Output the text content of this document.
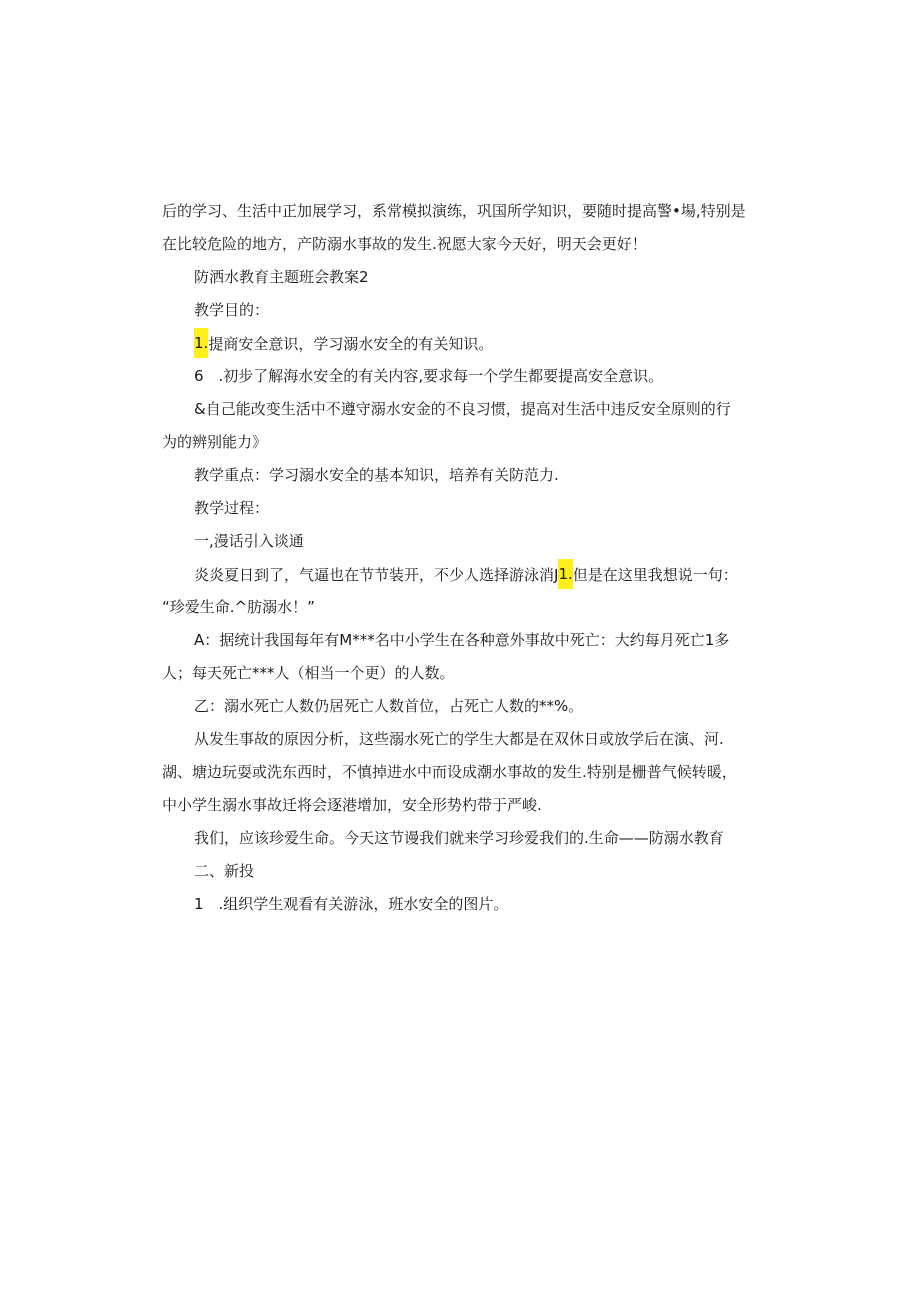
后的学习、生活中正加展学习，系常模拟演练，巩国所学知识，要随时提高警•場,特别是
在比较危险的地方，产防溺水事故的发生.祝愿大家今天好，明天会更好！
防洒水教育主题班会教案2
教学目的：
1.提商安全意识，学习溺水安全的有关知识。
6　.初步了解海水安全的有关内容,要求每一个学生都要提高安全意识。
&自己能改变生活中不遵守溺水安金的不良习惯，提高对生活中违反安全原则的行
为的辨别能力》
教学重点：学习溺水安全的基本知识，培养有关防范力.
教学过程：
一,漫话引入谈通
炎炎夏日到了，气逼也在节节装开，不少人选择游泳消J1.但是在这里我想说一句：
“珍爱生命.^肪溺水！”
A：据统计我国每年有M***名中小学生在各种意外事故中死亡：大约每月死亡1多
人；每天死亡***人（相当一个更）的人数。
乙：溺水死亡人数仍居死亡人数首位，占死亡人数的**%。
从发生事故的原因分析，这些溺水死亡的学生大都是在双休日或放学后在演、河.
湖、塘边玩耍或洗东西时，不慎掉进水中而设成潮水事故的发生.特别是栅普气候转暖，
中小学生溺水事故迁将会逐港增加，安全形势杓带于严峻.
我们，应该珍爱生命。今天这节谩我们就来学习珍爱我们的.生命——防溺水教育
二、新投
1　.组织学生观看有关游泳，班水安全的图片。
